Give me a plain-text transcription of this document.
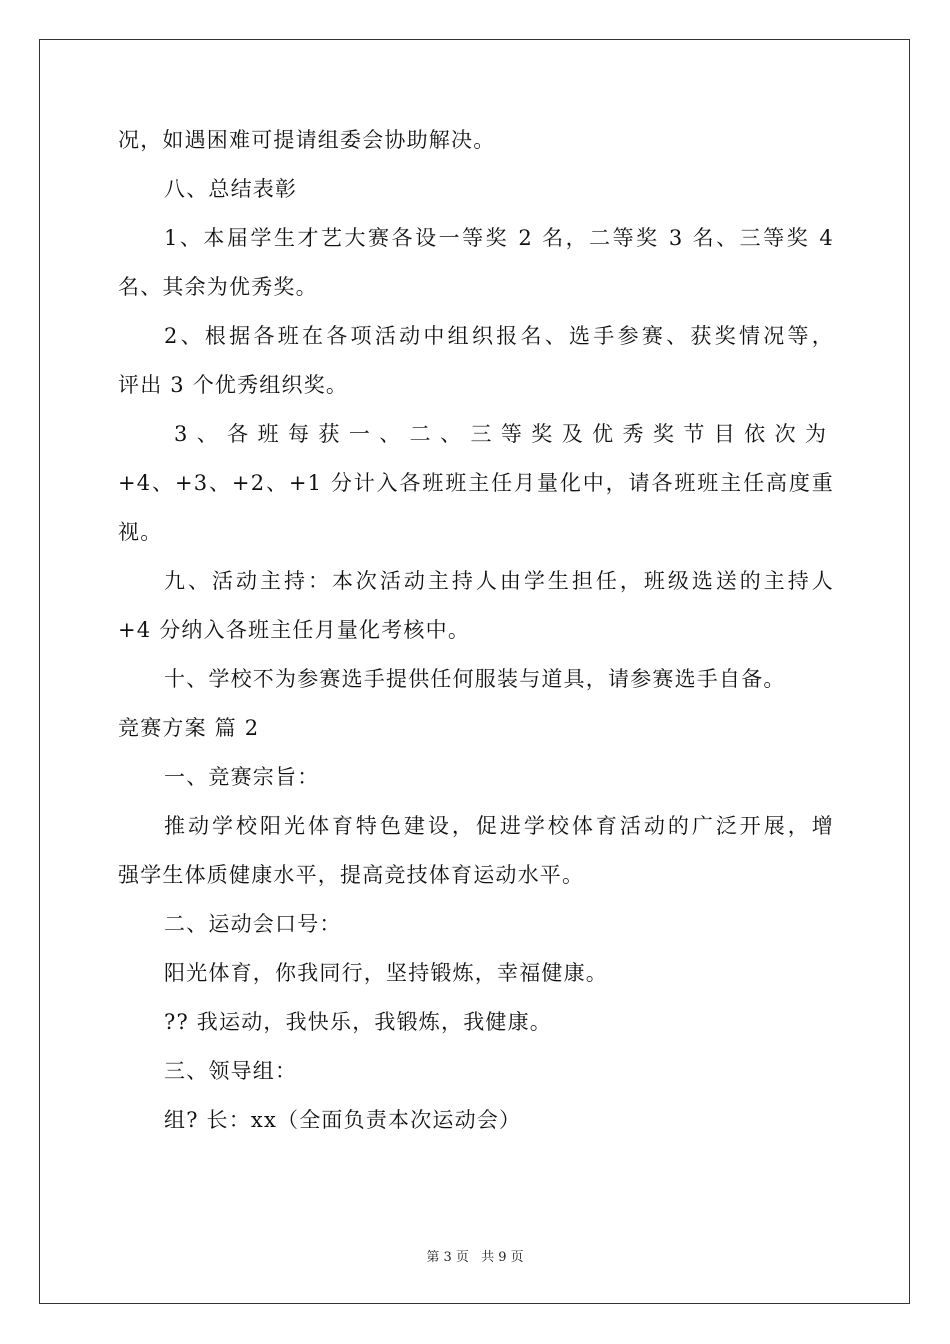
况，如遇困难可提请组委会协助解决。
八、总结表彰
1、本届学生才艺大赛各设一等奖 2 名，二等奖 3 名、三等奖 4
名、其余为优秀奖。
2、根据各班在各项活动中组织报名、选手参赛、获奖情况等，
评出 3 个优秀组织奖。
3、各班每获一、二、三等奖及优秀奖节目依次为
+4、+3、+2、+1 分计入各班班主任月量化中，请各班班主任高度重
视。
九、活动主持：本次活动主持人由学生担任，班级选送的主持人
+4 分纳入各班主任月量化考核中。
十、学校不为参赛选手提供任何服装与道具，请参赛选手自备。
竞赛方案 篇 2
一、竞赛宗旨：
推动学校阳光体育特色建设，促进学校体育活动的广泛开展，增
强学生体质健康水平，提高竞技体育运动水平。
二、运动会口号：
阳光体育，你我同行，坚持锻炼，幸福健康。
?? 我运动，我快乐，我锻炼，我健康。
三、领导组：
组? 长：xx（全面负责本次运动会）
第 3 页 共 9 页
